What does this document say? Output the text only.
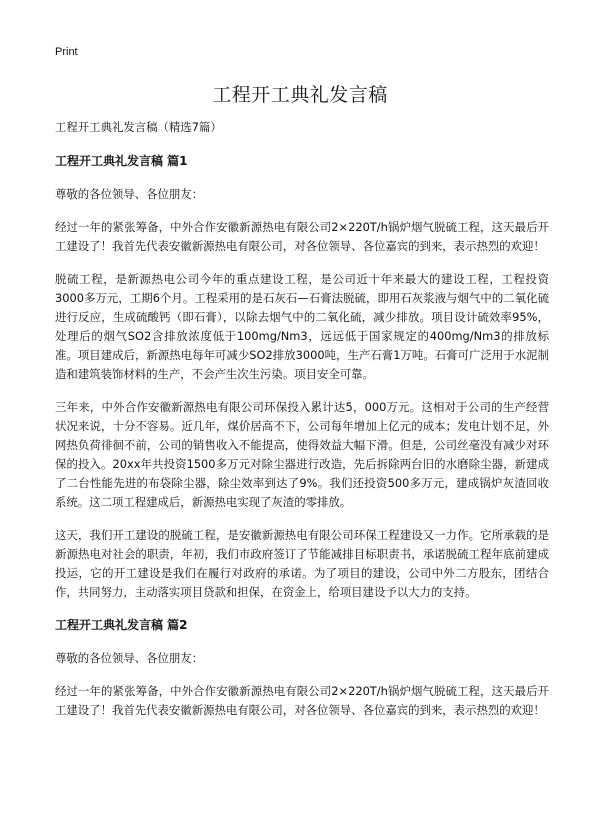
Print
工程开工典礼发言稿

工程开工典礼发言稿（精选7篇）

工程开工典礼发言稿 篇1

尊敬的各位领导、各位朋友：

经过一年的紧张筹备，中外合作安徽新源热电有限公司2×220T/h锅炉烟气脱硫工程，这天最后开工建设了！我首先代表安徽新源热电有限公司，对各位领导、各位嘉宾的到来，表示热烈的欢迎！

脱硫工程，是新源热电公司今年的重点建设工程，是公司近十年来最大的建设工程，工程投资3000多万元，工期6个月。工程采用的是石灰石—石膏法脱硫，即用石灰浆液与烟气中的二氧化硫进行反应，生成硫酸钙（即石膏），以除去烟气中的二氧化硫，减少排放。项目设计硫效率95%，处理后的烟气SO2含排放浓度低于100mg/Nm3，远远低于国家规定的400mg/Nm3的排放标准。项目建成后，新源热电每年可减少SO2排放3000吨，生产石膏1万吨。石膏可广泛用于水泥制造和建筑装饰材料的生产，不会产生次生污染。项目安全可靠。

三年来，中外合作安徽新源热电有限公司环保投入累计达5，000万元。这相对于公司的生产经营状况来说，十分不容易。近几年，煤价居高不下，公司每年增加上亿元的成本；发电计划不足，外网热负荷徘徊不前，公司的销售收入不能提高，使得效益大幅下滑。但是，公司丝毫没有减少对环保的投入。20xx年共投资1500多万元对除尘器进行改造，先后拆除两台旧的水磨除尘器，新建成了二台性能先进的布袋除尘器，除尘效率到达了9%。我们还投资500多万元，建成锅炉灰渣回收系统。这二项工程建成后，新源热电实现了灰渣的零排放。

这天，我们开工建设的脱硫工程，是安徽新源热电有限公司环保工程建设又一力作。它所承载的是新源热电对社会的职责，年初，我们市政府签订了节能减排目标职责书，承诺脱硫工程年底前建成投运，它的开工建设是我们在履行对政府的承诺。为了项目的建设，公司中外二方股东，团结合作，共同努力，主动落实项目贷款和担保，在资金上，给项目建设予以大力的支持。

工程开工典礼发言稿 篇2

尊敬的各位领导、各位朋友：

经过一年的紧张筹备，中外合作安徽新源热电有限公司2×220T/h锅炉烟气脱硫工程，这天最后开工建设了！我首先代表安徽新源热电有限公司，对各位领导、各位嘉宾的到来，表示热烈的欢迎！
